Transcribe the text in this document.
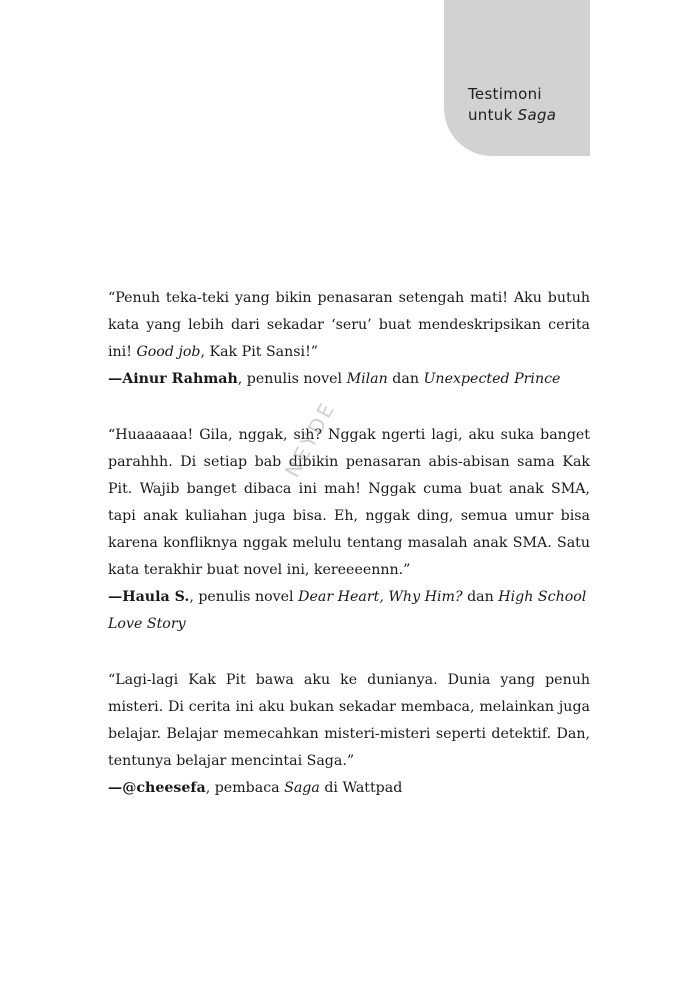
Testimoni
untuk Saga

“Penuh teka-teki yang bikin penasaran setengah mati! Aku butuh kata yang lebih dari sekadar ‘seru’ buat mendeskripsikan cerita ini! Good job, Kak Pit Sansi!”

—Ainur Rahmah, penulis novel Milan dan Unexpected Prince

“Huaaaaaa! Gila, nggak, sih? Nggak ngerti lagi, aku suka banget parahhh. Di setiap bab dibikin penasaran abis-abisan sama Kak Pit. Wajib banget dibaca ini mah! Nggak cuma buat anak SMA, tapi anak kuliahan juga bisa. Eh, nggak ding, semua umur bisa karena konfliknya nggak melulu tentang masalah anak SMA. Satu kata terakhir buat novel ini, kereeeennn.”

—Haula S., penulis novel Dear Heart, Why Him? dan High School Love Story

“Lagi-lagi Kak Pit bawa aku ke dunianya. Dunia yang penuh misteri. Di cerita ini aku bukan sekadar membaca, melainkan juga belajar. Belajar memecahkan misteri-misteri seperti detektif. Dan, tentunya belajar mencintai Saga.”

—@cheesefa, pembaca Saga di Wattpad

NEYDE
